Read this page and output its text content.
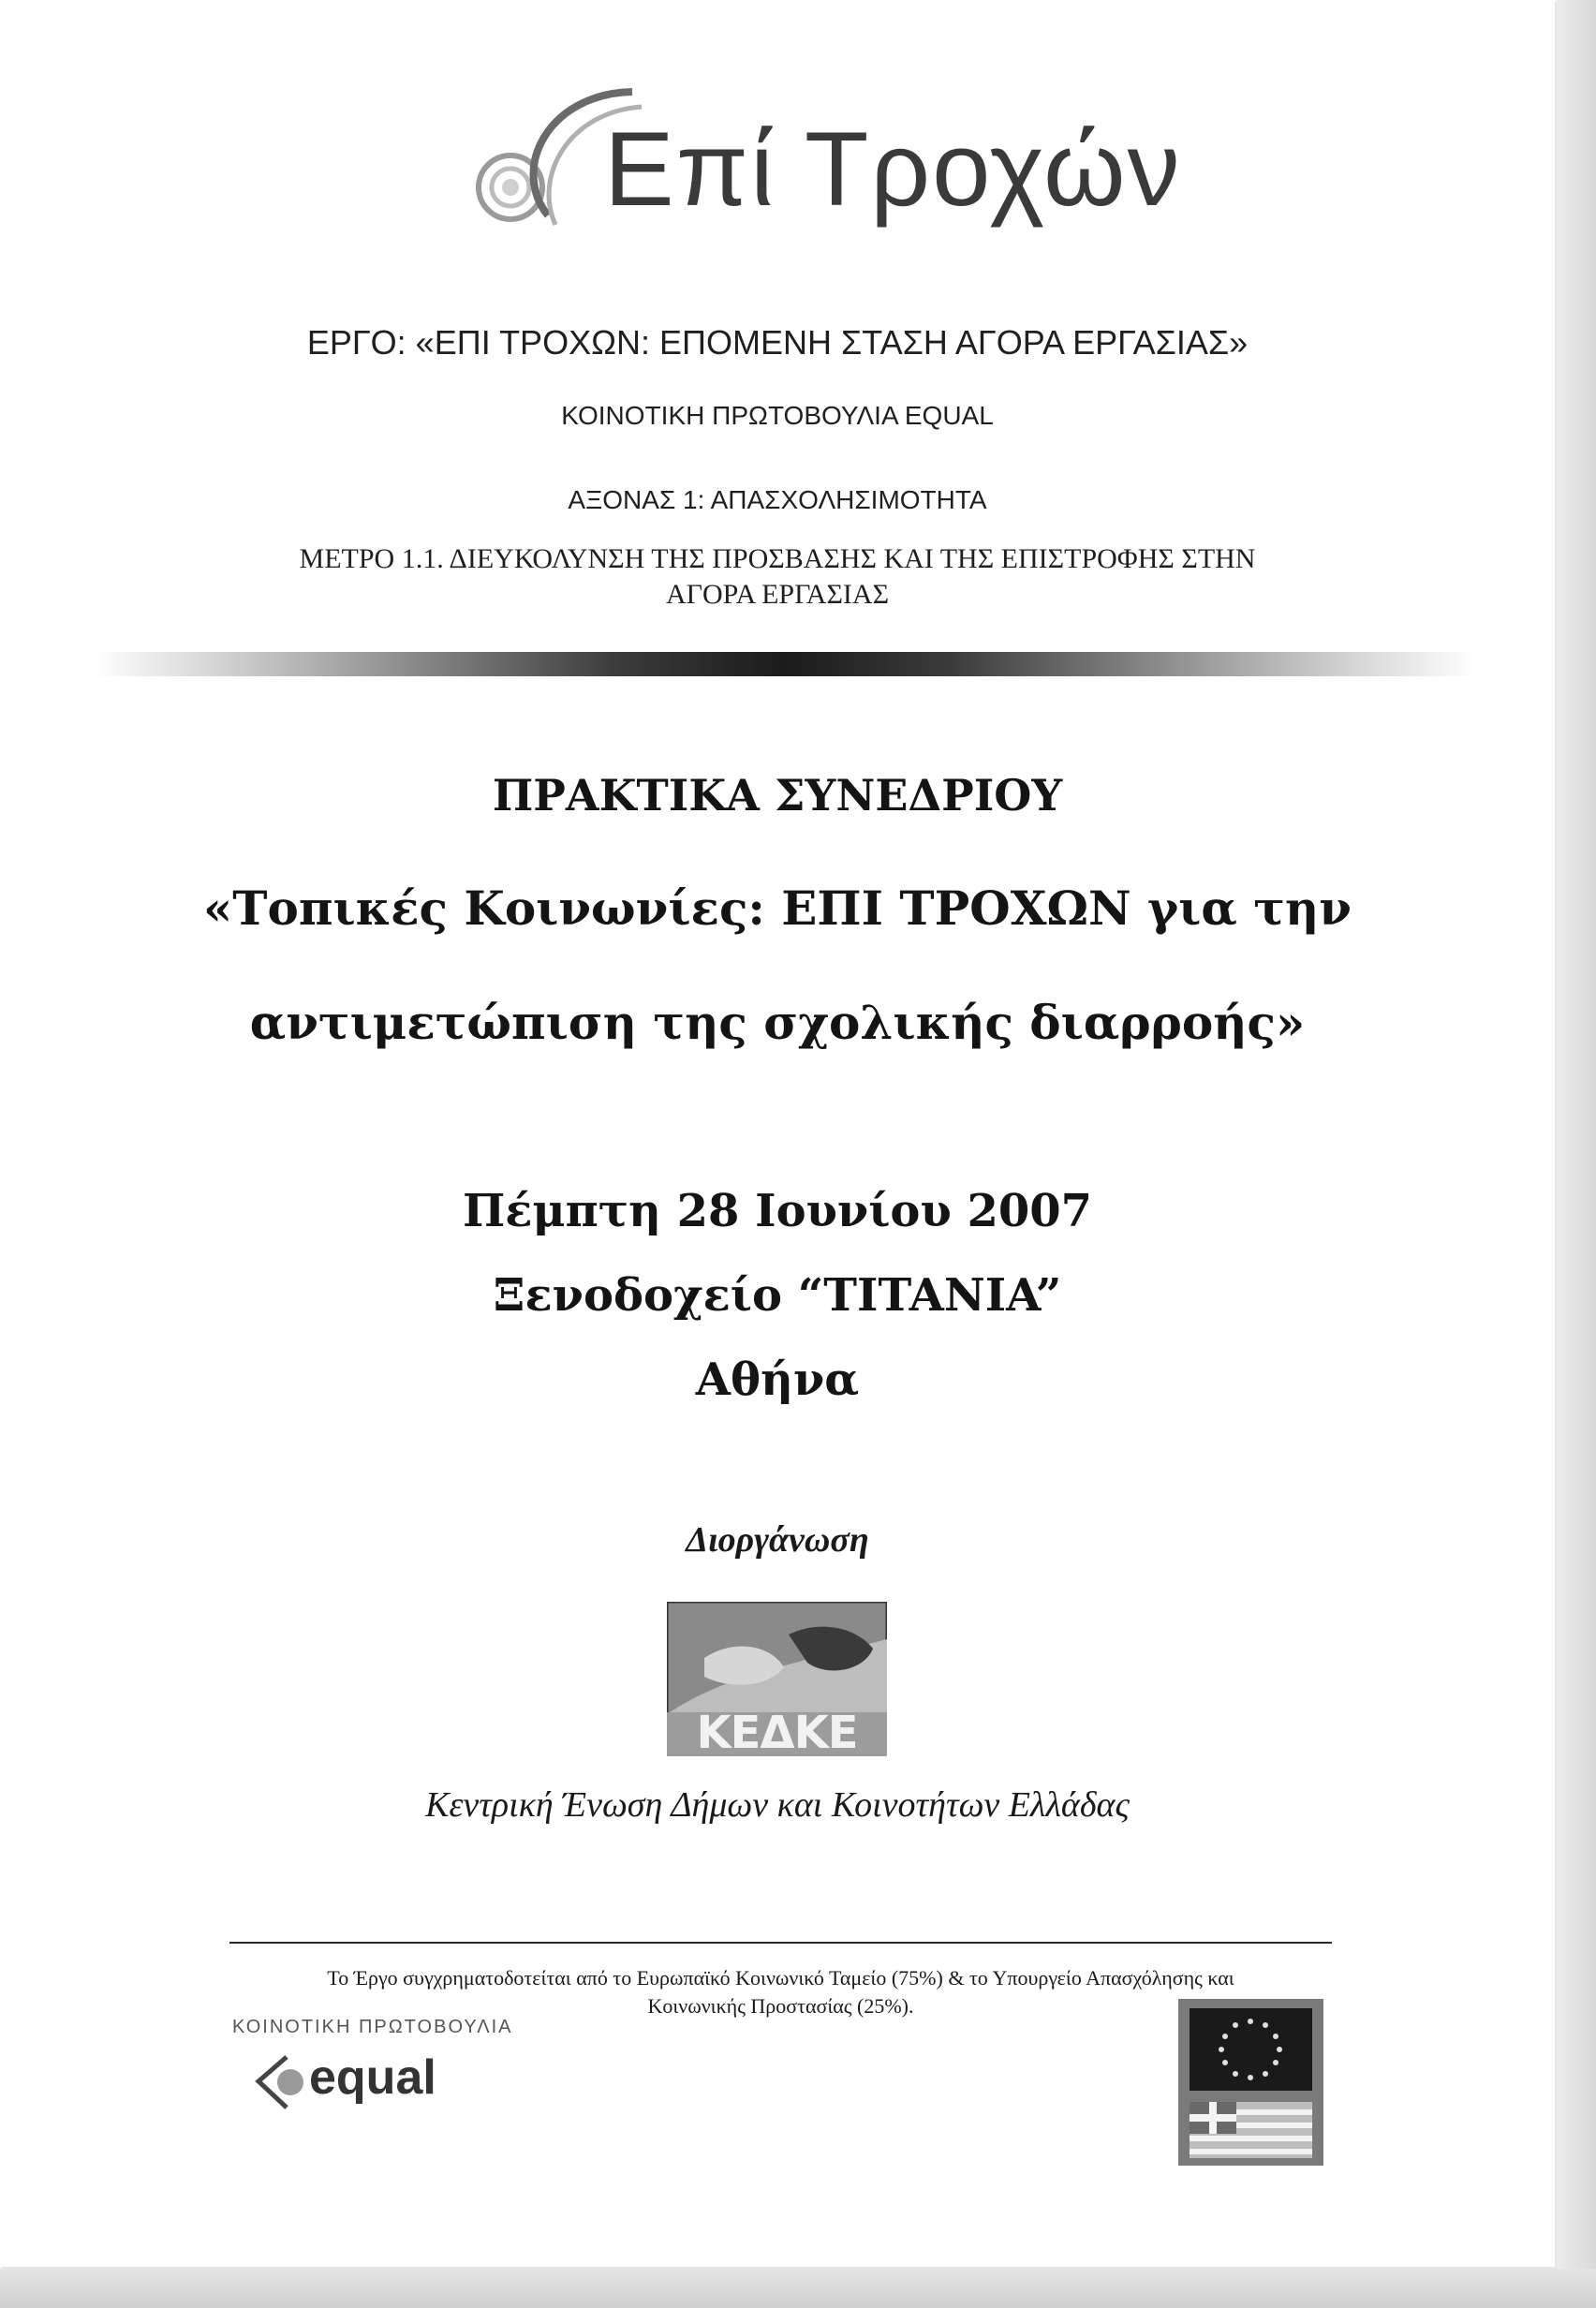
Επί Τροχών
ΕΡΓΟ: «ΕΠΙ ΤΡΟΧΩΝ: ΕΠΟΜΕΝΗ ΣΤΑΣΗ ΑΓΟΡΑ ΕΡΓΑΣΙΑΣ»
ΚΟΙΝΟΤΙΚΗ ΠΡΩΤΟΒΟΥΛΙΑ EQUAL
ΑΞΟΝΑΣ 1: ΑΠΑΣΧΟΛΗΣΙΜΟΤΗΤΑ
ΜΕΤΡΟ 1.1. ΔΙΕΥΚΟΛΥΝΣΗ ΤΗΣ ΠΡΟΣΒΑΣΗΣ ΚΑΙ ΤΗΣ ΕΠΙΣΤΡΟΦΗΣ ΣΤΗΝ
ΑΓΟΡΑ ΕΡΓΑΣΙΑΣ
ΠΡΑΚΤΙΚΑ ΣΥΝΕΔΡΙΟΥ
«Τοπικές Κοινωνίες: ΕΠΙ ΤΡΟΧΩΝ για την
αντιμετώπιση της σχολικής διαρροής»
Πέμπτη 28 Ιουνίου 2007
Ξενοδοχείο “TITANIA”
Αθήνα
Διοργάνωση
ΚΕΔΚΕ
Κεντρική Ένωση Δήμων και Κοινοτήτων Ελλάδας
Το Έργο συγχρηματοδοτείται από το Ευρωπαϊκό Κοινωνικό Ταμείο (75%) & το Υπουργείο Απασχόλησης και
Κοινωνικής Προστασίας (25%).
ΚΟΙΝΟΤΙΚΗ ΠΡΩΤΟΒΟΥΛΙΑ
equal
